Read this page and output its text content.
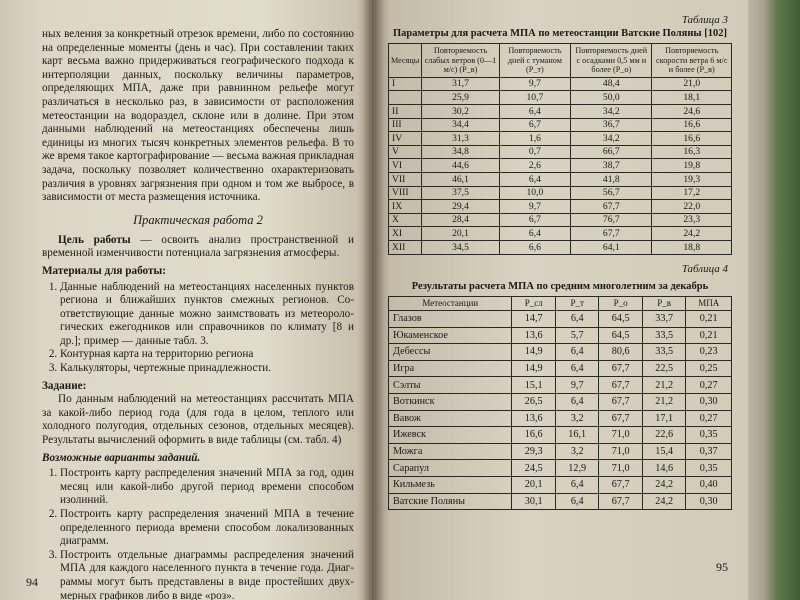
ных веления за конкретный отрезок времени, либо по состоянию на определенные моменты (день и час). При составлении таких карт весьма важно придерживаться географического подхода к интерполяции данных, поскольку величины параметров, определяющих МПА, даже при равнинном рельефе могут различаться в несколько раз, в зависимости от расположения метеостанции на водораздел, склоне или в долине. При этом данными наблюдений на метеостанциях обеспечены лишь единицы из многих тысяч конкретных элементов рельефа. В то же время такое картографирование — весьма важная прикладная задача, поскольку позволяет количественно охарактеризовать различия в уровнях загрязнения при одном и том же выбросе, в зависимости от места размещения источника.

Практическая работа 2

Цель работы — освоить анализ пространственной и временной изменчивости потенциала загрязнения атмосферы.

Материалы для работы:

1. Данные наблюдений на метеостанциях населенных пунктов региона и ближайших пунктов смежных регионов. Соответствующие данные можно заимствовать из метеорологических ежегодников или справочников по климату [8 и др.]; пример — данные табл. 3.
2. Контурная карта на территорию региона
3. Калькуляторы, чертежные принадлежности.

Задание:

По данным наблюдений на метеостанциях рассчитать МПА за какой-либо период года (для года в целом, теплого или холодного полугодия, отдельных сезонов, отдельных месяцев). Результаты вычислений оформить в виде таблицы (см. табл. 4)

Возможные варианты заданий.

1. Построить карту распределения значений МПА за год, один месяц или какой-либо другой период времени способом изолиний.
2. Построить карту распределения значений МПА в течение определенного периода времени способом локализованных диаграмм.
3. Построить отдельные диаграммы распределения значений МПА для каждого населенного пункта в течение года. Диаграммы могут быть представлены в виде простейших двухмерных графиков либо в виде «роз».
94
Таблица 3
Параметры для расчета МПА по метеостанции Ватские Поляны [102]
Месяцы	Повторяемость слабых ветров (0—1 м/с) (P_в)	Повторяемость дней с туманом (P_т)	Повторяемость дней с осадками 0,5 мм и более (P_о)	Повторяемость скорости ветра 6 м/с и более (P_в)
I	31,7	9,7	48,4	21,0
	25,9	10,7	50,0	18,1
II	30,2	6,4	34,2	24,6
III	34,4	6,7	36,7	16,6
IV	31,3	1,6	34,2	16,6
V	34,8	0,7	66,7	16,3
VI	44,6	2,6	38,7	19,8
VII	46,1	6,4	41,8	19,3
VIII	37,5	10,0	56,7	17,2
IX	29,4	9,7	67,7	22,0
X	28,4	6,7	76,7	23,3
XI	20,1	6,4	67,7	24,2
XII	34,5	6,6	64,1	18,8
Таблица 4
Результаты расчета МПА по средним многолетним за декабрь
Метеостанции	P_сл	P_т	P_о	P_в	МПА
Глазов	14,7	6,4	64,5	33,7	0,21
Юкаменское	13,6	5,7	64,5	33,5	0,21
Дебессы	14,9	6,4	80,6	33,5	0,23
Игра	14,9	6,4	67,7	22,5	0,25
Сэлты	15,1	9,7	67,7	21,2	0,27
Воткинск	26,5	6,4	67,7	21,2	0,30
Вавож	13,6	3,2	67,7	17,1	0,27
Ижевск	16,6	16,1	71,0	22,6	0,35
Можга	29,3	3,2	71,0	15,4	0,37
Сарапул	24,5	12,9	71,0	14,6	0,35
Кильмезь	20,1	6,4	67,7	24,2	0,40
Ватские Поляны	30,1	6,4	67,7	24,2	0,30
95
